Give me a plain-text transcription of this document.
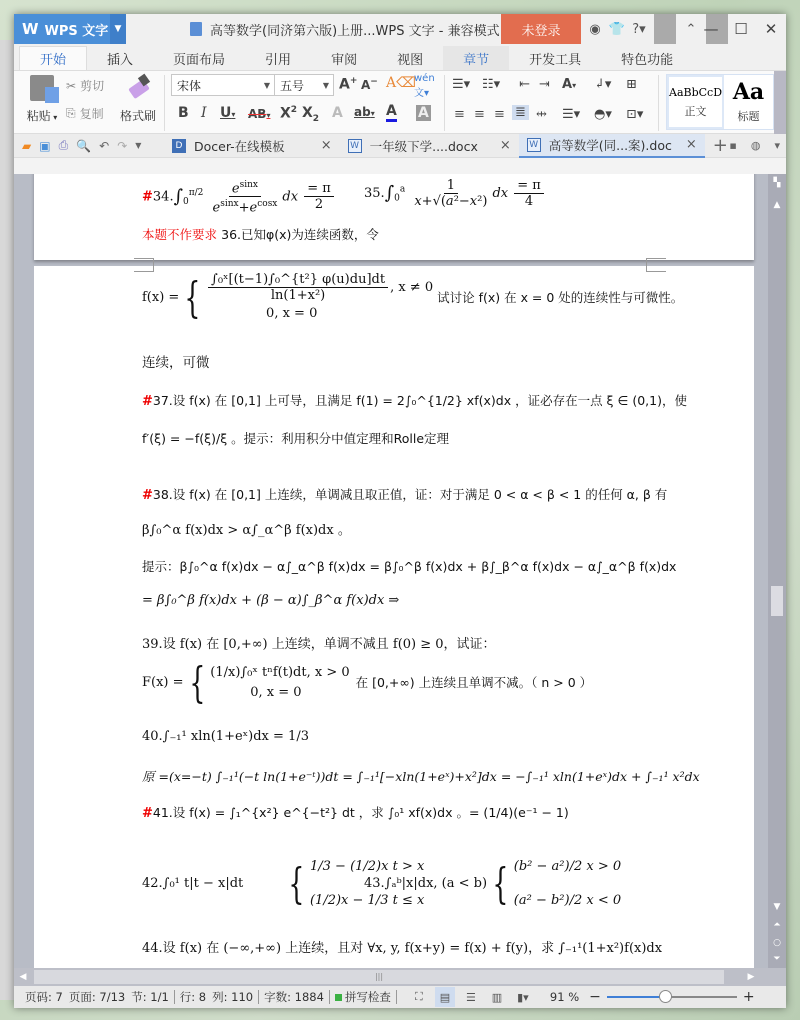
W WPS 文字 ▼	高等数学(同济第六版)上册...WPS 文字 - 兼容模式	未登录	◉ 👕 ?▾	⌃ —	☐	✕
开始	插入	页面布局	引用	审阅	视图	章节	开发工具	特色功能
粘贴 ▾
✂ 剪切
⎘ 复制 格式刷
宋体	▼ 五号 ▼ A+ A− A⌫
wén
文▾
B I U▾ AB▾ $X^2$ $X_2$ A ab▾ A A
☰▾ ☷▾ ⇤ ⇥ A▾ ↲▾ ⊞
≡ ≡ ≡ ≣ ⇹ ☰▾ ◓▾ ⊡▾
AaBbCcD
正文
Aa
标题
▰ ▣ ⎙ 🔍 ↶ ↷ ▼	D Docer-在线模板	× W 一年级下学....docx × W 高等数学(同...案).doc × + ▪ ◍ ▾
$\#34.\int_0^{\pi/2} \frac{e^{sinx}}{e^{sinx}+e^{cosx}}$ dx $\frac{= \pi}{2} 35.\int_0^a \frac{1}{\text{x+√(a²−x²)}}$ dx $\frac{= \pi}{4}$
本题不作要求 36.已知φ(x)为连续函数，令
f(x) = { $\frac{\text{∫₀ˣ[(t−1)∫₀\textasciicircum{}\{t²\} φ(u)du]dt}}{\text{ln(1+x²)}}$ , x ≠ 0
0, x = 0
试讨论 f(x) 在 x = 0 处的连续性与可微性。
连续，可微
#37.设 f(x) 在 [0,1] 上可导，且满足 f(1) = 2∫₀^{1/2} xf(x)dx ，证必存在一点 ξ ∈ (0,1)，使
f′(ξ) = −f(ξ)/ξ 。提示：利用积分中值定理和Rolle定理
#38.设 f(x) 在 [0,1] 上连续，单调减且取正值，证：对于满足 0 < α < β < 1 的任何 α, β 有
β∫₀^α f(x)dx > α∫_α^β f(x)dx 。
提示：β∫₀^α f(x)dx − α∫_α^β f(x)dx = β∫₀^β f(x)dx + β∫_β^α f(x)dx − α∫_α^β f(x)dx
= β∫₀^β f(x)dx + (β − α)∫_β^α f(x)dx ⇒
39.设 f(x) 在 [0,+∞) 上连续，单调不减且 f(0) ≥ 0，试证：
F(x) = { (1/x)∫₀ˣ tⁿf(t)dt, x > 0
0, x = 0
在 [0,+∞) 上连续且单调不减。（ n > 0 ）
40.∫₋₁¹ xln(1+eˣ)dx = 1/3
原 =(x=−t) ∫₋₁¹(−t ln(1+e⁻ᵗ))dt = ∫₋₁¹[−xln(1+eˣ)+x²]dx = −∫₋₁¹ xln(1+eˣ)dx + ∫₋₁¹ x²dx
#41.设 f(x) = ∫₁^{x²} e^{−t²} dt ，求 ∫₀¹ xf(x)dx 。= (1/4)(e⁻¹ − 1)
42.∫₀¹ t|t − x|dt { 1/3 − (1/2)x t > x
(1/2)x − 1/3 t ≤ x
43.∫ₐᵇ|x|dx, (a < b) { (b² − a²)/2 x > 0
(a² − b²)/2 x < 0
44.设 f(x) 在 (−∞,+∞) 上连续，且对 ∀x, y, f(x+y) = f(x) + f(y)，求 ∫₋₁¹(1+x²)f(x)dx
▚
▲
▼
⏶
○
⏷
◀	|||	▶
页码: 7 页面: 7/13 节: 1/1 行: 8 列: 110 字数: 1884	拼写检查	⛶	▤	☰	▥	▮▾	91 % −	+
